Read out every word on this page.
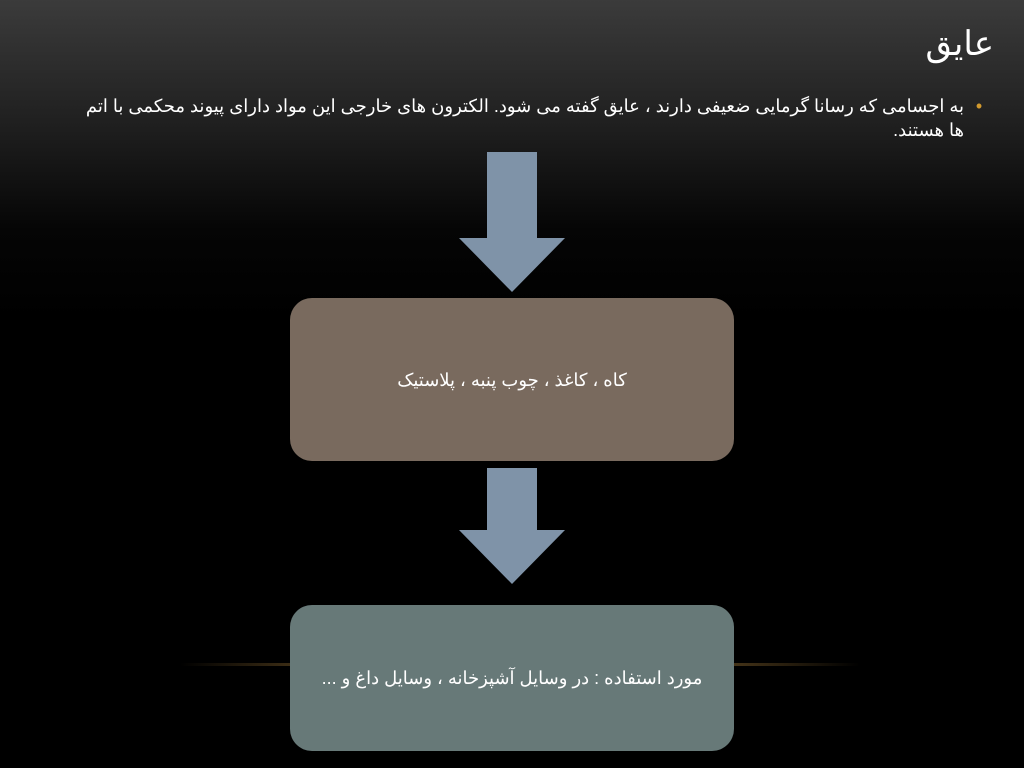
عایق
•
به اجسامی که رسانا گرمایی ضعیفی دارند ، عایق گفته می شود. الکترون های خارجی این مواد دارای پیوند محکمی با اتم ها هستند.
کاه ، کاغذ ، چوب پنبه ، پلاستیک
مورد استفاده : در وسایل آشپزخانه ، وسایل داغ و ...
